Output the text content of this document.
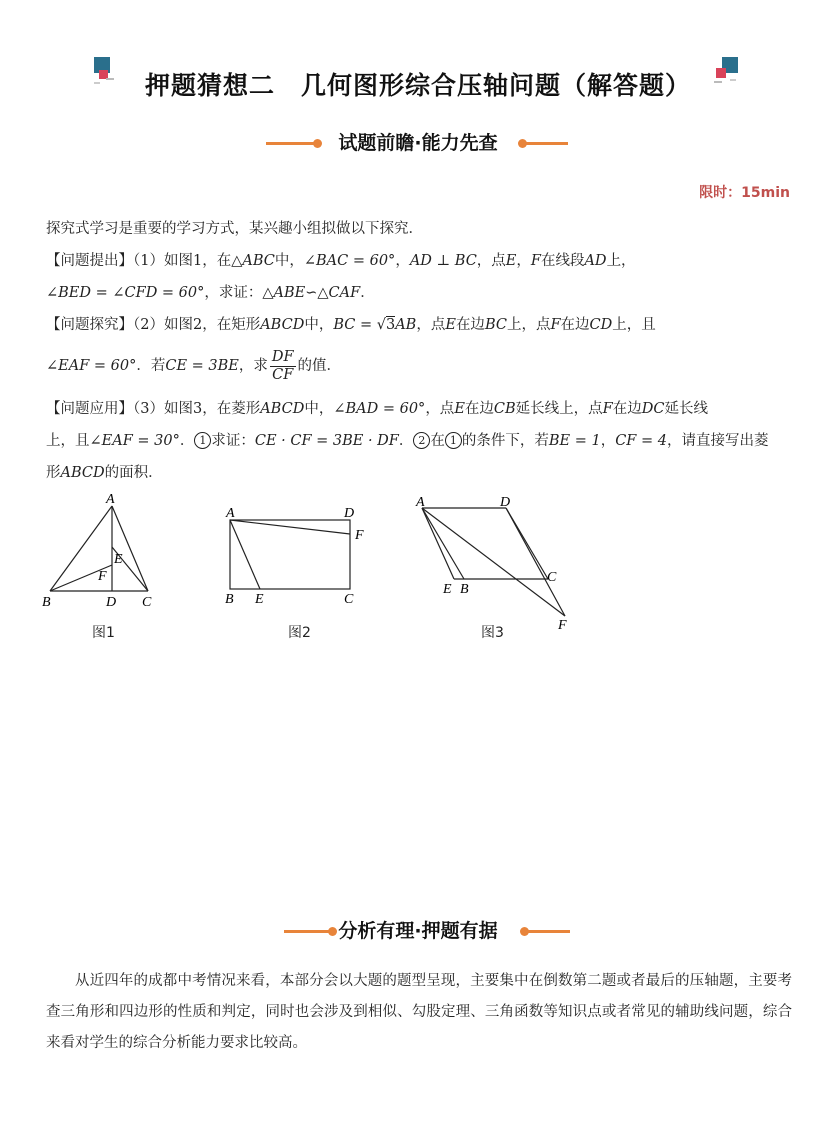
押题猜想二　几何图形综合压轴问题（解答题）
试题前瞻·能力先查
限时：15min
探究式学习是重要的学习方式，某兴趣小组拟做以下探究．
【问题提出】（1）如图1，在△ABC中，∠BAC = 60°，AD ⊥ BC，点E，F在线段AD上，
∠BED = ∠CFD = 60°，求证：△ABE∽△CAF．
【问题探究】（2）如图2，在矩形ABCD中，BC = √3AB，点E在边BC上，点F在边CD上，且
∠EAF = 60°．若CE = 3BE，求 $\frac{DF}{CF}$ 的值．
【问题应用】（3）如图3，在菱形ABCD中，∠BAD = 60°，点E在边CB延长线上，点F在边DC延长线
上，且∠EAF = 30°． 1 求证：CE · CF = 3BE · DF． 2 在 1 的条件下，若BE = 1，CF = 4，请直接写出菱
形ABCD的面积．
A
B	C
D
E
F
图1
A	D
F
B E	C
图2
A	D
E B
C
F
图3
分析有理·押题有据
从近四年的成都中考情况来看，本部分会以大题的题型呈现，主要集中在倒数第二题或者最后的压轴题，主要考查三角形和四边形的性质和判定，同时也会涉及到相似、勾股定理、三角函数等知识点或者常见的辅助线问题，综合来看对学生的综合分析能力要求比较高。
